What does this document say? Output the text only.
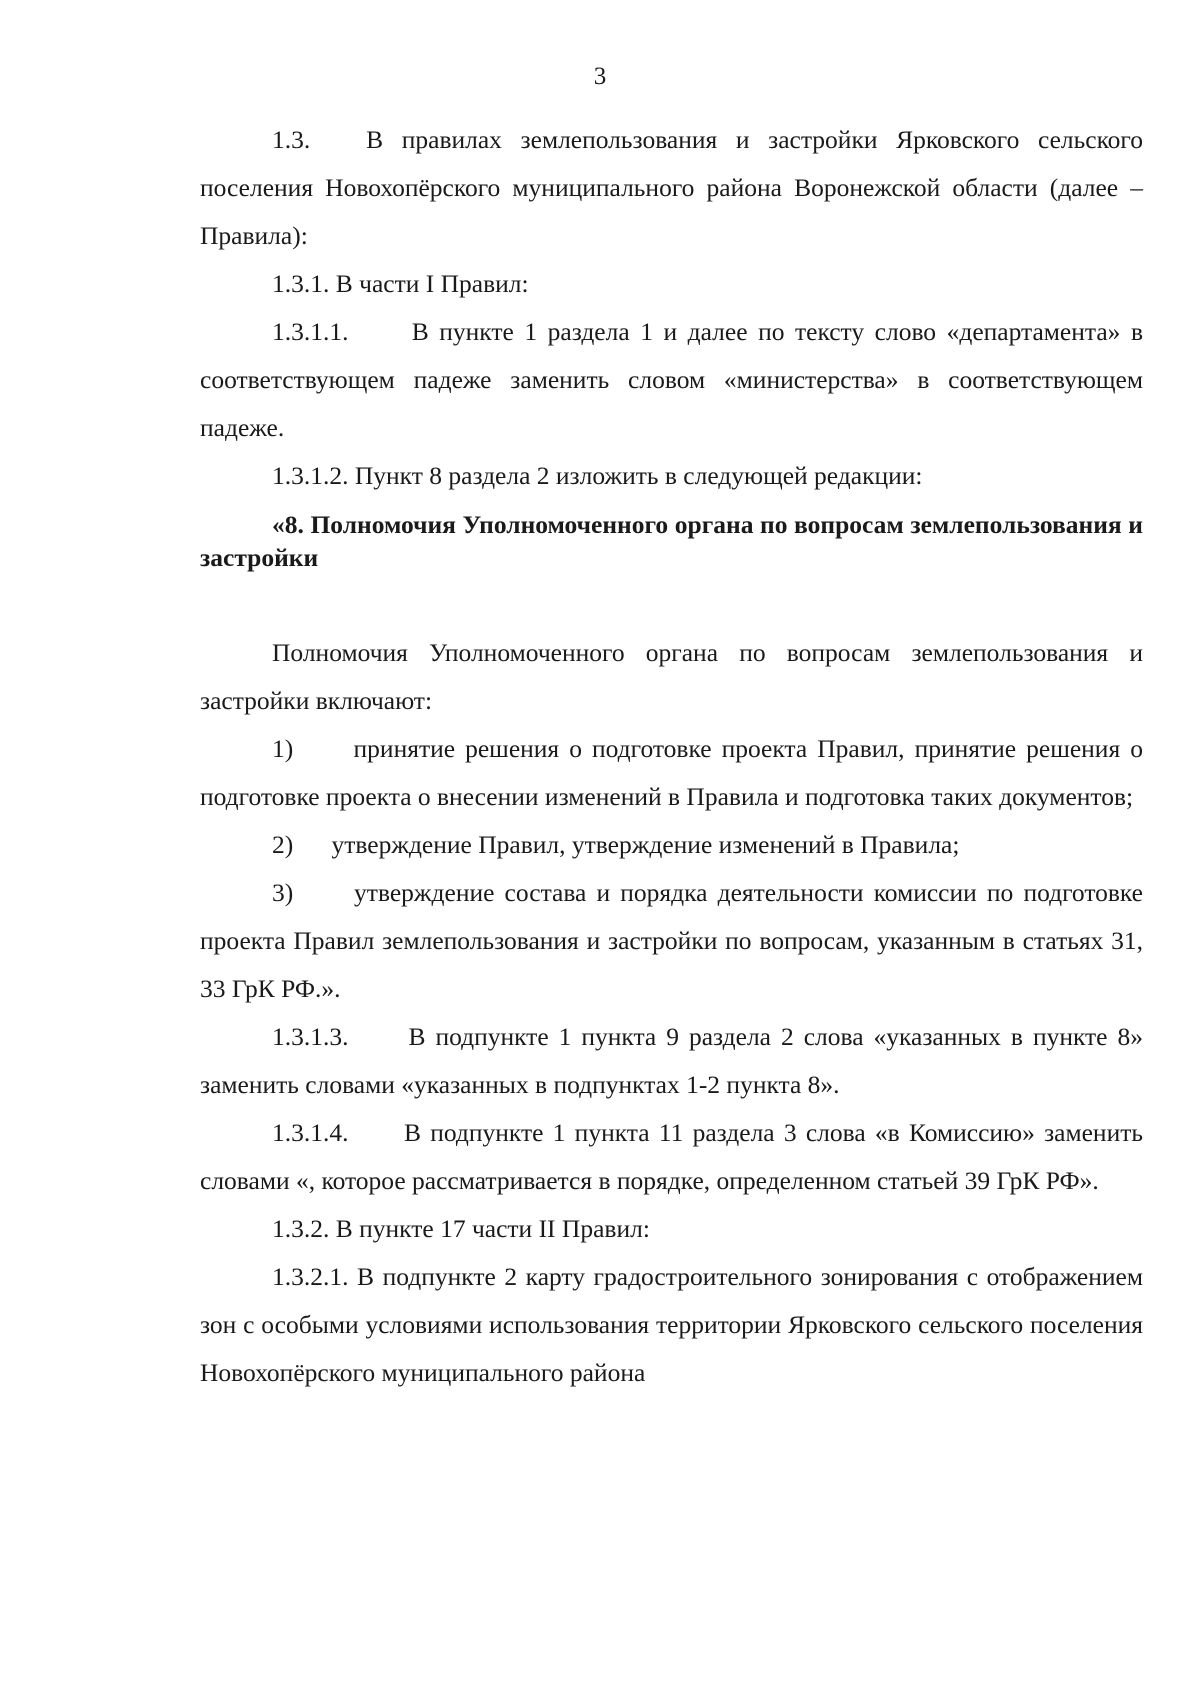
3

1.3.   В правилах землепользования и застройки Ярковского сельского поселения Новохопёрского муниципального района Воронежской области (далее – Правила):

1.3.1. В части I Правил:

1.3.1.1.      В пункте 1 раздела 1 и далее по тексту слово «департамента» в соответствующем падеже заменить словом «министерства» в соответствующем падеже.

1.3.1.2. Пункт 8 раздела 2 изложить в следующей редакции:

«8. Полномочия Уполномоченного органа по вопросам землепользования и застройки

Полномочия Уполномоченного органа по вопросам землепользования и застройки включают:

1)      принятие решения о подготовке проекта Правил, принятие решения о подготовке проекта о внесении изменений в Правила и подготовка таких документов;

2)      утверждение Правил, утверждение изменений в Правила;

3)      утверждение состава и порядка деятельности комиссии по подготовке проекта Правил землепользования и застройки по вопросам, указанным в статьях 31, 33 ГрК РФ.».

1.3.1.3.      В подпункте 1 пункта 9 раздела 2 слова «указанных в пункте 8» заменить словами «указанных в подпунктах 1-2 пункта 8».

1.3.1.4.      В подпункте 1 пункта 11 раздела 3 слова «в Комиссию» заменить словами «, которое рассматривается в порядке, определенном статьей 39 ГрК РФ».

1.3.2. В пункте 17 части II Правил:

1.3.2.1. В подпункте 2 карту градостроительного зонирования с отображением зон с особыми условиями использования территории Ярковского сельского поселения Новохопёрского муниципального района
